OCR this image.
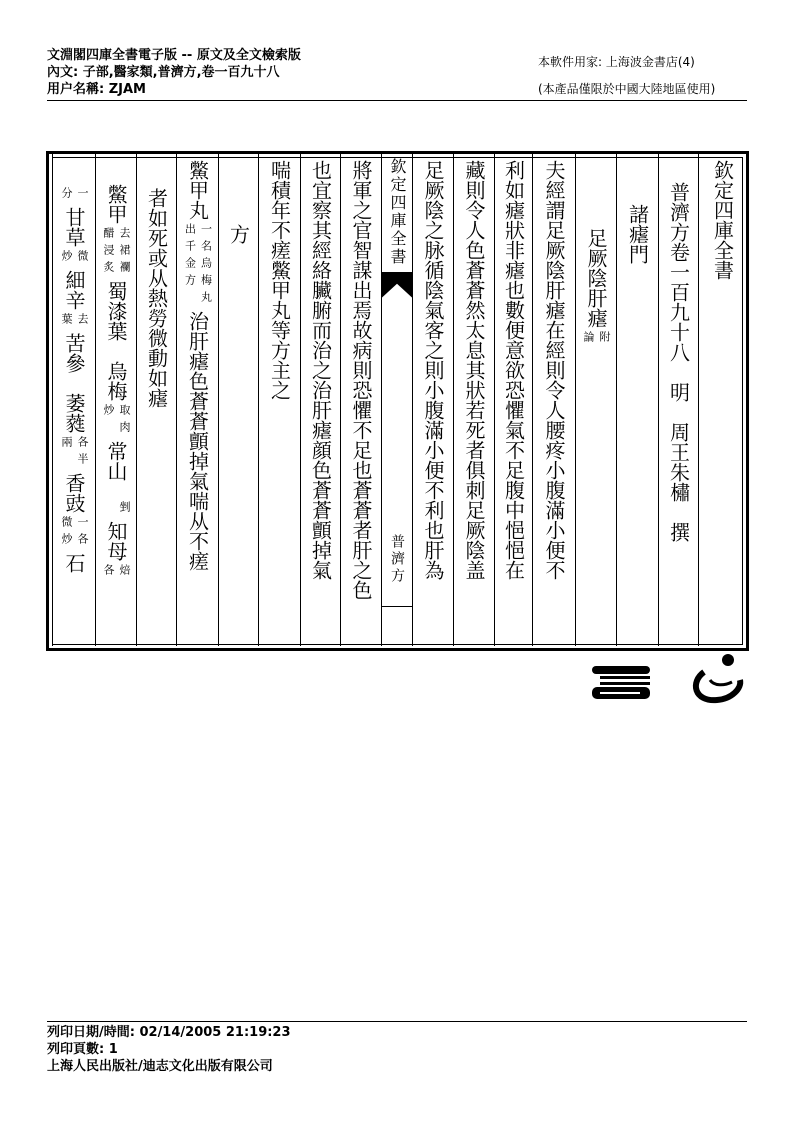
文淵閣四庫全書電子版 -- 原文及全文檢索版
內文: 子部,醫家類,普濟方,卷一百九十八
用户名稱: ZJAM
本軟件用家: 上海波金書店(4)
(本產品僅限於中國大陸地區使用)
欽定四庫全書
普濟方卷一百九十八　明　周王朱橚　撰
諸瘧門
足厥陰肝瘧
附
論
夫經謂足厥陰肝瘧在經則令人腰疼小腹滿小便不
利如瘧狀非瘧也數便意欲恐懼氣不足腹中悒悒在
藏則令人色蒼蒼然太息其狀若死者俱刺足厥陰盖
足厥陰之脉循陰氣客之則小腹滿小便不利也肝為
欽定四庫全書
普濟方
將軍之官智謀出焉故病則恐懼不足也蒼蒼者肝之色
也宜察其經絡臟腑而治之治肝瘧顔色蒼蒼顫掉氣
喘積年不瘥鱉甲丸等方主之
方
鱉甲丸
一名烏梅丸
出千金方
治肝瘧色蒼蒼顫掉氣喘从不瘥
者如死或从熱勞微動如瘧
鱉甲
去裙襴
醋浸炙
蜀漆葉　烏梅
取肉
炒
常山
　剉

知母
焙
各
一
分
甘草
微
炒
細辛
去
葉
苦參　萎蕤
各半
兩
香豉
一各
微炒
石
列印日期/時間: 02/14/2005 21:19:23
列印頁數: 1
上海人民出版社/迪志文化出版有限公司
